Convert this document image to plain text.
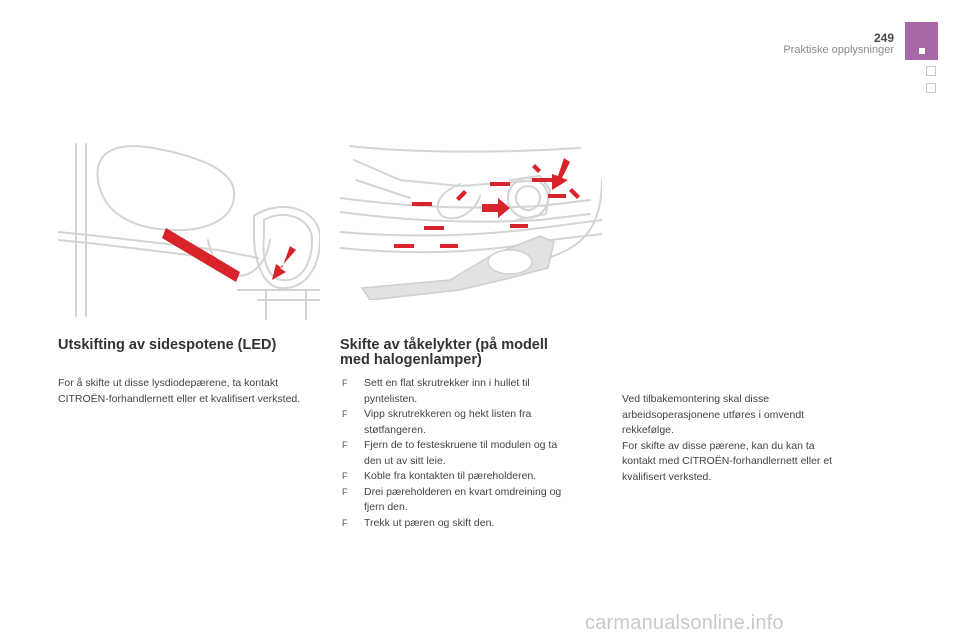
249
Praktiske opplysninger
Utskifting av sidespotene (LED)
For å skifte ut disse lysdiodepærene, ta kontakt CITROËN-forhandlernett eller et kvalifisert verksted.
Skifte av tåkelykter (på modell
med halogenlamper)
F Sett en flat skrutrekker inn i hullet til
pyntelisten.
F Vipp skrutrekkeren og hekt listen fra
støtfangeren.
F Fjern de to festeskruene til modulen og ta
den ut av sitt leie.
F Koble fra kontakten til pæreholderen.
F Drei pæreholderen en kvart omdreining og
fjern den.
F Trekk ut pæren og skift den.
Ved tilbakemontering skal disse
arbeidsoperasjonene utføres i omvendt
rekkefølge.
For skifte av disse pærene, kan du kan ta
kontakt med CITROËN-forhandlernett eller et
kvalifisert verksted.
carmanualsonline.info
